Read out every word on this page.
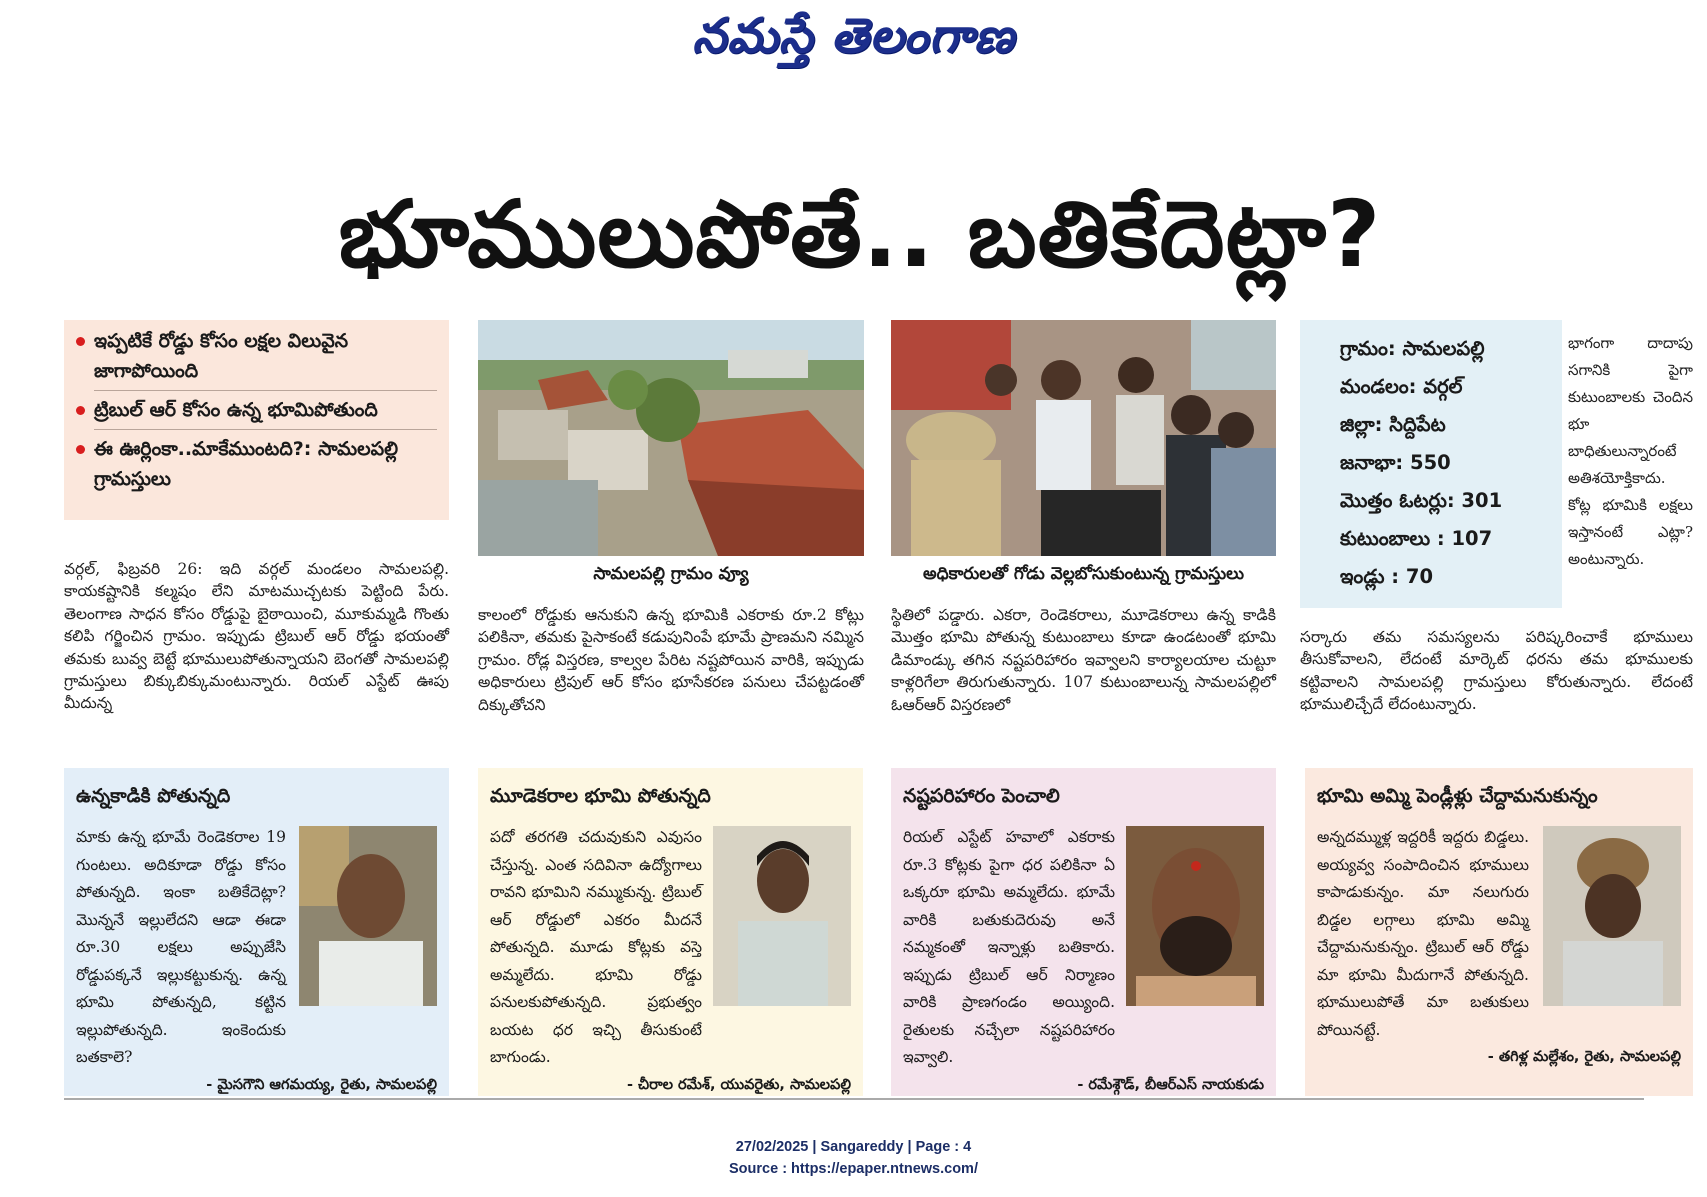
నమస్తే తెలంగాణ
భూములుపోతే.. బతికేదెట్లా?
ఇప్పటికే రోడ్డు కోసం లక్షల విలువైన జాగాపోయింది
ట్రిబుల్ ఆర్ కోసం ఉన్న భూమిపోతుంది
ఈ ఊర్లింకా..మాకేముంటది?: సామలపల్లి గ్రామస్తులు
సామలపల్లి గ్రామం వ్యూ	అధికారులతో గోడు వెల్లబోసుకుంటున్న గ్రామస్తులు
వర్గల్, ఫిబ్రవరి 26: ఇది వర్గల్ మండలం సామలపల్లి. కాయకష్టానికి కల్మషం లేని మాటముచ్చటకు పెట్టింది పేరు. తెలంగాణ సాధన కోసం రోడ్డుపై బైఠాయించి, మూకుమ్మడి గొంతు కలిపి గర్జించిన గ్రామం. ఇప్పుడు ట్రిబుల్ ఆర్ రోడ్డు భయంతో తమకు బువ్వ బెట్టే భూములుపోతున్నాయని బెంగతో సామలపల్లి గ్రామస్తులు బిక్కుబిక్కుమంటున్నారు. రియల్ ఎస్టేట్ ఊపు మీదున్న
కాలంలో రోడ్డుకు ఆనుకుని ఉన్న భూమికి ఎకరాకు రూ.2 కోట్లు పలికినా, తమకు పైసాకంటే కడుపునింపే భూమే ప్రాణమని నమ్మిన గ్రామం. రోడ్ల విస్తరణ, కాల్వల పేరిట నష్టపోయిన వారికి, ఇప్పుడు అధికారులు ట్రిపుల్ ఆర్ కోసం భూసేకరణ పనులు చేపట్టడంతో దిక్కుతోచని
స్థితిలో పడ్డారు. ఎకరా, రెండెకరాలు, మూడెకరాలు ఉన్న కాడికి మొత్తం భూమి పోతున్న కుటుంబాలు కూడా ఉండటంతో భూమి డిమాండ్కు తగిన నష్టపరిహారం ఇవ్వాలని కార్యాలయాల చుట్టూ కాళ్లరిగేలా తిరుగుతున్నారు. 107 కుటుంబాలున్న సామలపల్లిలో ఓఆర్ఆర్ విస్తరణలో
సర్కారు తమ సమస్యలను పరిష్కరించాకే భూములు తీసుకోవాలని, లేదంటే మార్కెట్ ధరను తమ భూములకు కట్టివాలని సామలపల్లి గ్రామస్తులు కోరుతున్నారు. లేదంటే భూములిచ్చేదే లేదంటున్నారు.
గ్రామం: సామలపల్లి
మండలం: వర్గల్
జిల్లా: సిద్దిపేట
జనాభా: 550
మొత్తం ఓటర్లు: 301
కుటుంబాలు : 107
ఇండ్లు : 70
భాగంగా దాదాపు సగానికి పైగా కుటుంబాలకు చెందిన భూ బాధితులున్నారంటే అతిశయోక్తికాదు. కోట్ల భూమికి లక్షలు ఇస్తానంటే ఎట్లా? అంటున్నారు.
ఉన్నకాడికి పోతున్నది
మాకు ఉన్న భూమే రెండెకరాల 19 గుంటలు. అదికూడా రోడ్డు కోసం పోతున్నది. ఇంకా బతికేదెట్లా? మొన్ననే ఇల్లులేదని ఆడా ఈడా రూ.30 లక్షలు అప్పుజేసి రోడ్డుపక్కనే ఇల్లుకట్టుకున్న. ఉన్న భూమి పోతున్నది, కట్టిన ఇల్లుపోతున్నది. ఇంకెందుకు బతకాలె?
- మైసగౌని ఆగమయ్య, రైతు, సామలపల్లి
మూడెకరాల భూమి పోతున్నది
పదో తరగతి చదువుకుని ఎవుసం చేస్తున్న. ఎంత సదివినా ఉద్యోగాలు రావని భూమిని నమ్ముకున్న. ట్రిబుల్ ఆర్ రోడ్డులో ఎకరం మీదనే పోతున్నది. మూడు కోట్లకు వస్తె అమ్మలేదు. భూమి రోడ్డు పనులకుపోతున్నది. ప్రభుత్వం బయట ధర ఇచ్చి తీసుకుంటే బాగుండు.
- చీరాల రమేశ్, యువరైతు, సామలపల్లి
నష్టపరిహారం పెంచాలి
రియల్ ఎస్టేట్ హవాలో ఎకరాకు రూ.3 కోట్లకు పైగా ధర పలికినా ఏ ఒక్కరూ భూమి అమ్మలేదు. భూమే వారికి బతుకుదెరువు అనే నమ్మకంతో ఇన్నాళ్లు బతికారు. ఇప్పుడు ట్రిబుల్ ఆర్ నిర్మాణం వారికి ప్రాణగండం అయ్యింది. రైతులకు నచ్చేలా నష్టపరిహారం ఇవ్వాలి.
- రమేశ్గౌడ్, బీఆర్ఎస్ నాయకుడు
భూమి అమ్మి పెండ్లీళ్లు చేద్దామనుకున్నం
అన్నదమ్ముళ్ల ఇద్దరికీ ఇద్దరు బిడ్డలు. అయ్యవ్వ సంపాదించిన భూములు కాపాడుకున్నం. మా నలుగురు బిడ్డల లగ్గాలు భూమి అమ్మి చేద్దామనుకున్నం. ట్రిబుల్ ఆర్ రోడ్డు మా భూమి మీదుగానే పోతున్నది. భూములుపోతే మా బతుకులు పోయినట్టే.
- తగిళ్ల మల్లేశం, రైతు, సామలపల్లి
27/02/2025 | Sangareddy | Page : 4
Source : https://epaper.ntnews.com/
